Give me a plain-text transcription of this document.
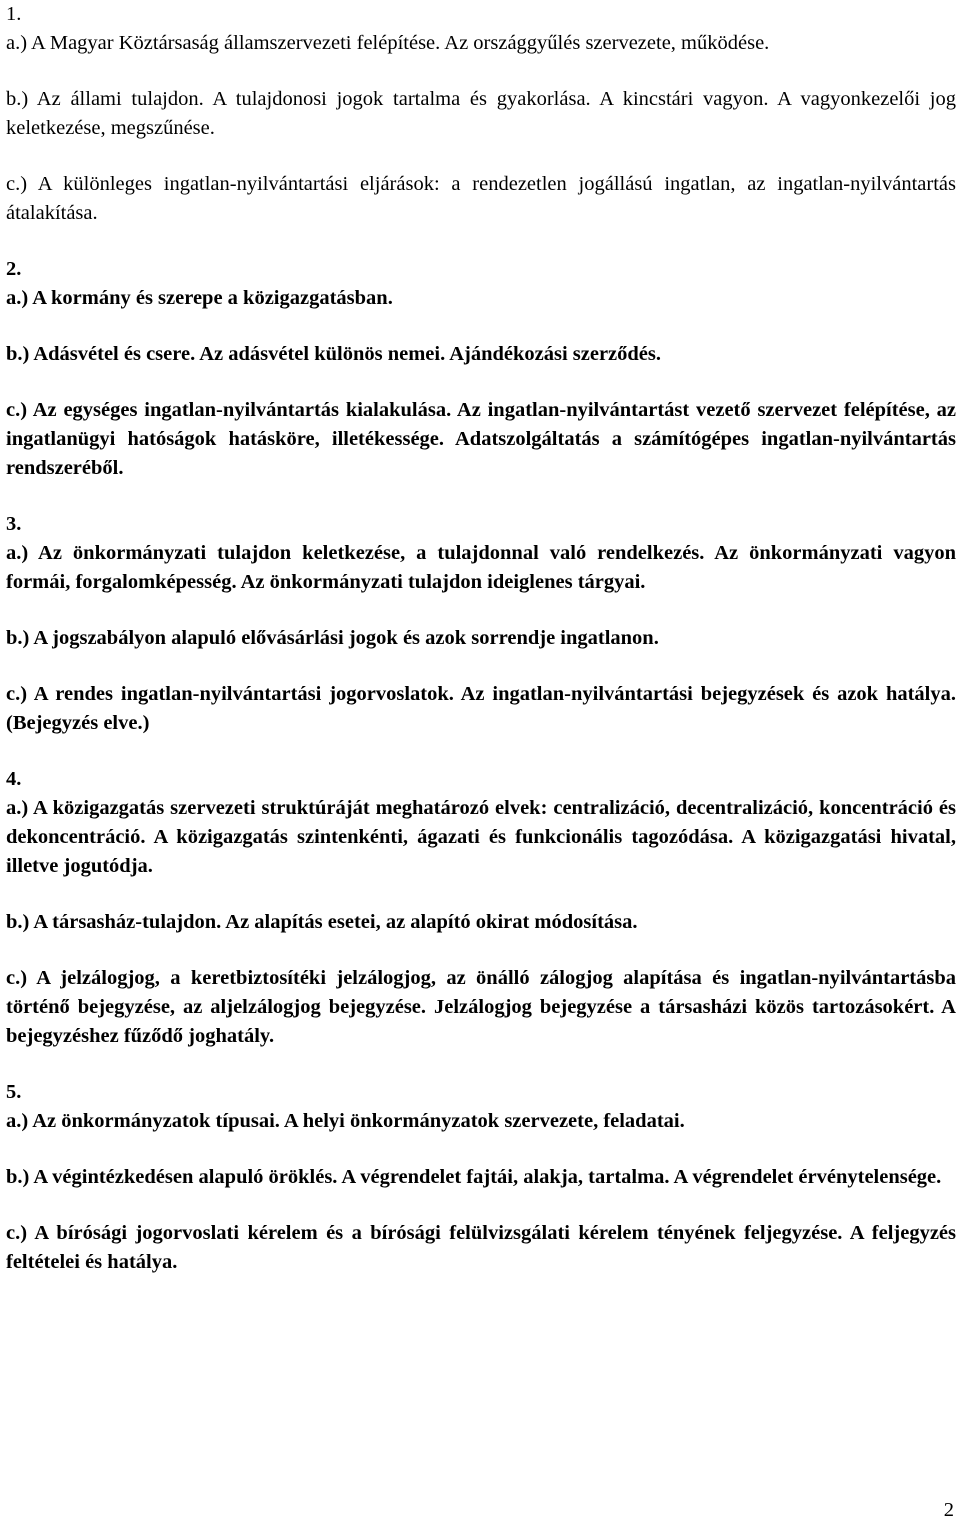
1.

a.) A Magyar Köztársaság államszervezeti felépítése. Az országgyűlés szervezete, működése.

b.) Az állami tulajdon. A tulajdonosi jogok tartalma és gyakorlása. A kincstári vagyon. A vagyonkezelői jog keletkezése, megszűnése.

c.) A különleges ingatlan-nyilvántartási eljárások: a rendezetlen jogállású ingatlan, az ingatlan-nyilvántartás átalakítása.

2.

a.) A kormány és szerepe a közigazgatásban.

b.) Adásvétel és csere. Az adásvétel különös nemei. Ajándékozási szerződés.

c.) Az egységes ingatlan-nyilvántartás kialakulása. Az ingatlan-nyilvántartást vezető szervezet felépítése, az ingatlanügyi hatóságok hatásköre, illetékessége. Adatszolgáltatás a számítógépes ingatlan-nyilvántartás rendszeréből.

3.

a.) Az önkormányzati tulajdon keletkezése, a tulajdonnal való rendelkezés. Az önkormányzati vagyon formái, forgalomképesség. Az önkormányzati tulajdon ideiglenes tárgyai.

b.) A jogszabályon alapuló elővásárlási jogok és azok sorrendje ingatlanon.

c.) A rendes ingatlan-nyilvántartási jogorvoslatok. Az ingatlan-nyilvántartási bejegyzések és azok hatálya. (Bejegyzés elve.)

4.

a.) A közigazgatás szervezeti struktúráját meghatározó elvek: centralizáció, decentralizáció, koncentráció és dekoncentráció. A közigazgatás szintenkénti, ágazati és funkcionális tagozódása. A közigazgatási hivatal, illetve jogutódja.

b.) A társasház-tulajdon. Az alapítás esetei, az alapító okirat módosítása.

c.) A jelzálogjog, a keretbiztosítéki jelzálogjog, az önálló zálogjog alapítása és ingatlan-nyilvántartásba történő bejegyzése, az aljelzálogjog bejegyzése. Jelzálogjog bejegyzése a társasházi közös tartozásokért. A bejegyzéshez fűződő joghatály.

5.

a.) Az önkormányzatok típusai. A helyi önkormányzatok szervezete, feladatai.

b.) A végintézkedésen alapuló öröklés. A végrendelet fajtái, alakja, tartalma. A végrendelet érvénytelensége.

c.) A bírósági jogorvoslati kérelem és a bírósági felülvizsgálati kérelem tényének feljegyzése. A feljegyzés feltételei és hatálya.

2
